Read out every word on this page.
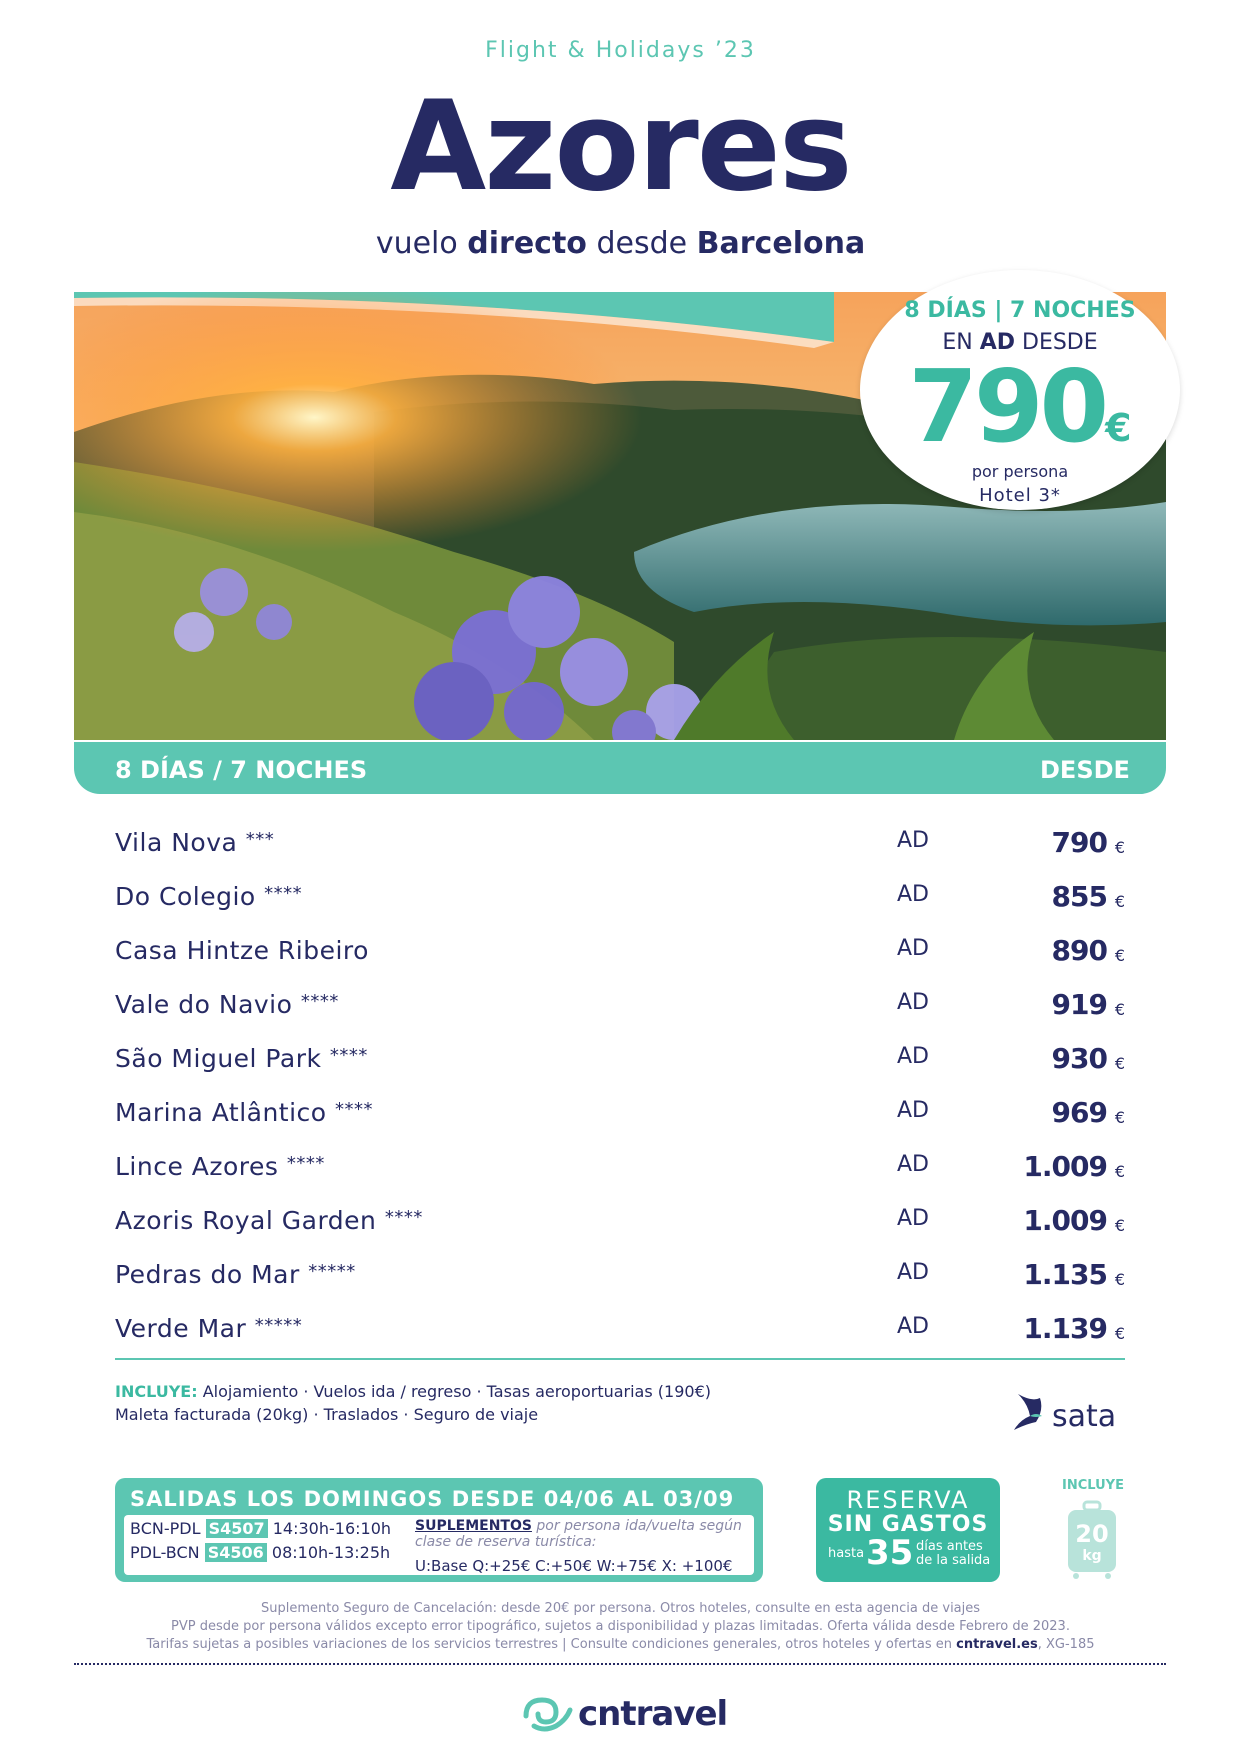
Flight & Holidays ’23
Azores
vuelo directo desde Barcelona
8 DÍAS | 7 NOCHES
EN AD DESDE
790€
por persona
Hotel 3*
8 DÍAS / 7 NOCHES	DESDE
Vila Nova ***	AD	790 €
Do Colegio ****	AD	855 €
Casa Hintze Ribeiro	AD	890 €
Vale do Navio ****	AD	919 €
São Miguel Park ****	AD	930 €
Marina Atlântico ****	AD	969 €
Lince Azores ****	AD	1.009 €
Azoris Royal Garden ****	AD	1.009 €
Pedras do Mar *****	AD	1.135 €
Verde Mar *****	AD	1.139 €
INCLUYE: Alojamiento · Vuelos ida / regreso · Tasas aeroportuarias (190€)
Maleta facturada (20kg) · Traslados · Seguro de viaje	sata
SALIDAS LOS DOMINGOS DESDE 04/06 AL 03/09
BCN-PDL S4507 14:30h-16:10h
PDL-BCN S4506 08:10h-13:25h
SUPLEMENTOS por persona ida/vuelta según clase de reserva turística:
U:Base Q:+25€ C:+50€ W:+75€ X: +100€
RESERVA
SIN GASTOS
hasta 35 días antes
de la salida
INCLUYE
20
kg
Suplemento Seguro de Cancelación: desde 20€ por persona. Otros hoteles, consulte en esta agencia de viajes
PVP desde por persona válidos excepto error tipográfico, sujetos a disponibilidad y plazas limitadas. Oferta válida desde Febrero de 2023.
Tarifas sujetas a posibles variaciones de los servicios terrestres | Consulte condiciones generales, otros hoteles y ofertas en cntravel.es, XG-185
cntravel
